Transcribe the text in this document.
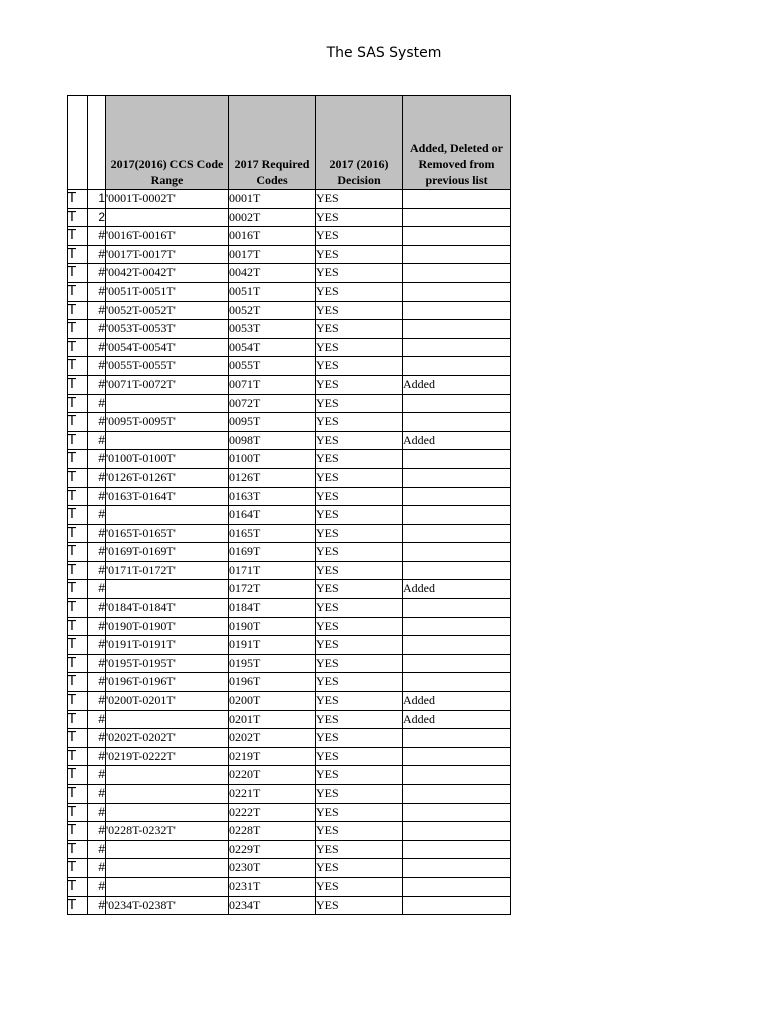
The SAS System
		2017(2016) CCS Code Range	2017 Required Codes	2017 (2016) Decision	Added, Deleted or Removed from previous list
T	1	'0001T-0002T'	0001T	YES	
T	2		0002T	YES	
T	#	'0016T-0016T'	0016T	YES	
T	#	'0017T-0017T'	0017T	YES	
T	#	'0042T-0042T'	0042T	YES	
T	#	'0051T-0051T'	0051T	YES	
T	#	'0052T-0052T'	0052T	YES	
T	#	'0053T-0053T'	0053T	YES	
T	#	'0054T-0054T'	0054T	YES	
T	#	'0055T-0055T'	0055T	YES	
T	#	'0071T-0072T'	0071T	YES	Added
T	#		0072T	YES	
T	#	'0095T-0095T'	0095T	YES	
T	#		0098T	YES	Added
T	#	'0100T-0100T'	0100T	YES	
T	#	'0126T-0126T'	0126T	YES	
T	#	'0163T-0164T'	0163T	YES	
T	#		0164T	YES	
T	#	'0165T-0165T'	0165T	YES	
T	#	'0169T-0169T'	0169T	YES	
T	#	'0171T-0172T'	0171T	YES	
T	#		0172T	YES	Added
T	#	'0184T-0184T'	0184T	YES	
T	#	'0190T-0190T'	0190T	YES	
T	#	'0191T-0191T'	0191T	YES	
T	#	'0195T-0195T'	0195T	YES	
T	#	'0196T-0196T'	0196T	YES	
T	#	'0200T-0201T'	0200T	YES	Added
T	#		0201T	YES	Added
T	#	'0202T-0202T'	0202T	YES	
T	#	'0219T-0222T'	0219T	YES	
T	#		0220T	YES	
T	#		0221T	YES	
T	#		0222T	YES	
T	#	'0228T-0232T'	0228T	YES	
T	#		0229T	YES	
T	#		0230T	YES	
T	#		0231T	YES	
T	#	'0234T-0238T'	0234T	YES	
